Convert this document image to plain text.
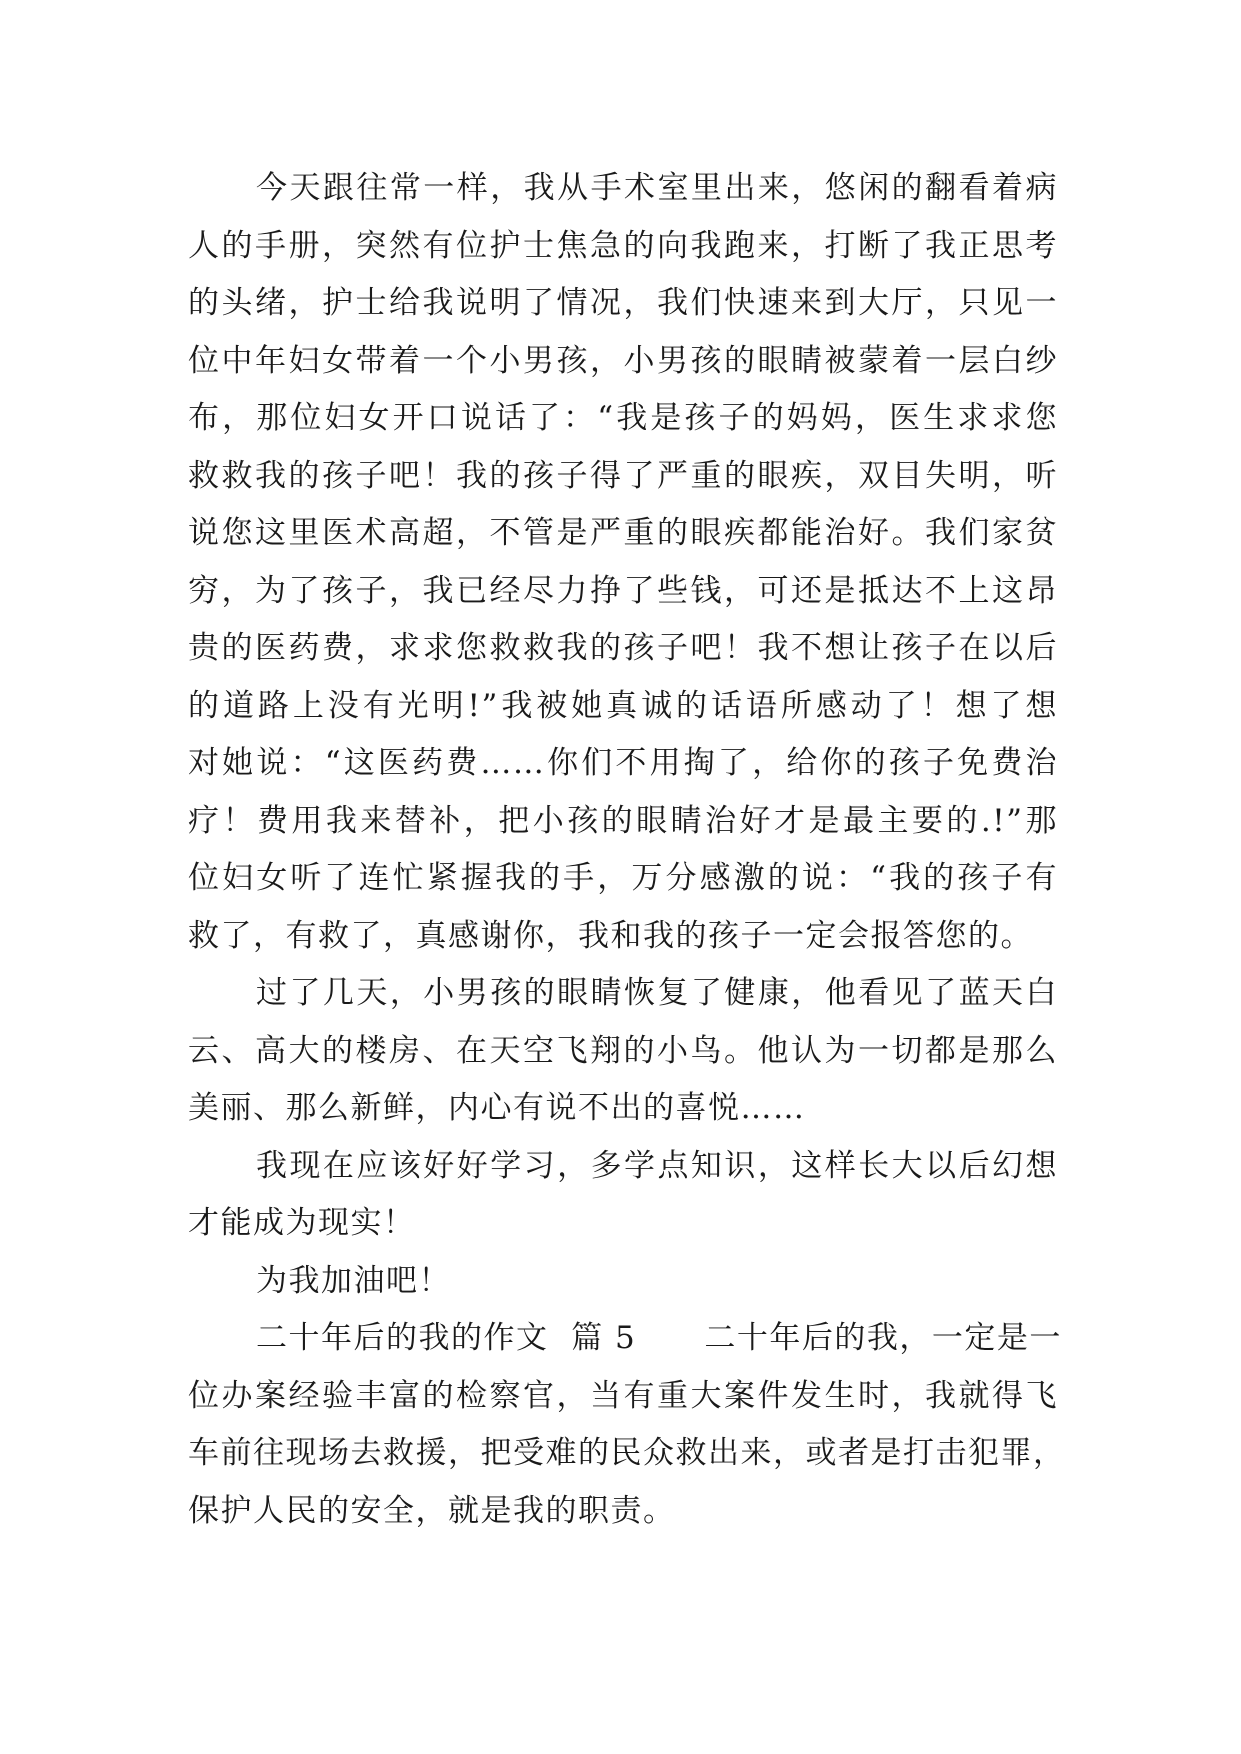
今天跟往常一样，我从手术室里出来，悠闲的翻看着病
人的手册，突然有位护士焦急的向我跑来，打断了我正思考
的头绪，护士给我说明了情况，我们快速来到大厅，只见一
位中年妇女带着一个小男孩，小男孩的眼睛被蒙着一层白纱
布，那位妇女开口说话了：“我是孩子的妈妈，医生求求您
救救我的孩子吧！我的孩子得了严重的眼疾，双目失明，听
说您这里医术高超，不管是严重的眼疾都能治好。我们家贫
穷，为了孩子，我已经尽力挣了些钱，可还是抵达不上这昂
贵的医药费，求求您救救我的孩子吧！我不想让孩子在以后
的道路上没有光明!”我被她真诚的话语所感动了！想了想
对她说：“这医药费……你们不用掏了，给你的孩子免费治
疗！费用我来替补，把小孩的眼睛治好才是最主要的.!”那
位妇女听了连忙紧握我的手，万分感激的说：“我的孩子有
救了，有救了，真感谢你，我和我的孩子一定会报答您的。
过了几天，小男孩的眼睛恢复了健康，他看见了蓝天白
云、高大的楼房、在天空飞翔的小鸟。他认为一切都是那么
美丽、那么新鲜，内心有说不出的喜悦……
我现在应该好好学习，多学点知识，这样长大以后幻想
才能成为现实！
为我加油吧！
二十年后的我的作文  篇 5      二十年后的我，一定是一
位办案经验丰富的检察官，当有重大案件发生时，我就得飞
车前往现场去救援，把受难的民众救出来，或者是打击犯罪，
保护人民的安全，就是我的职责。
